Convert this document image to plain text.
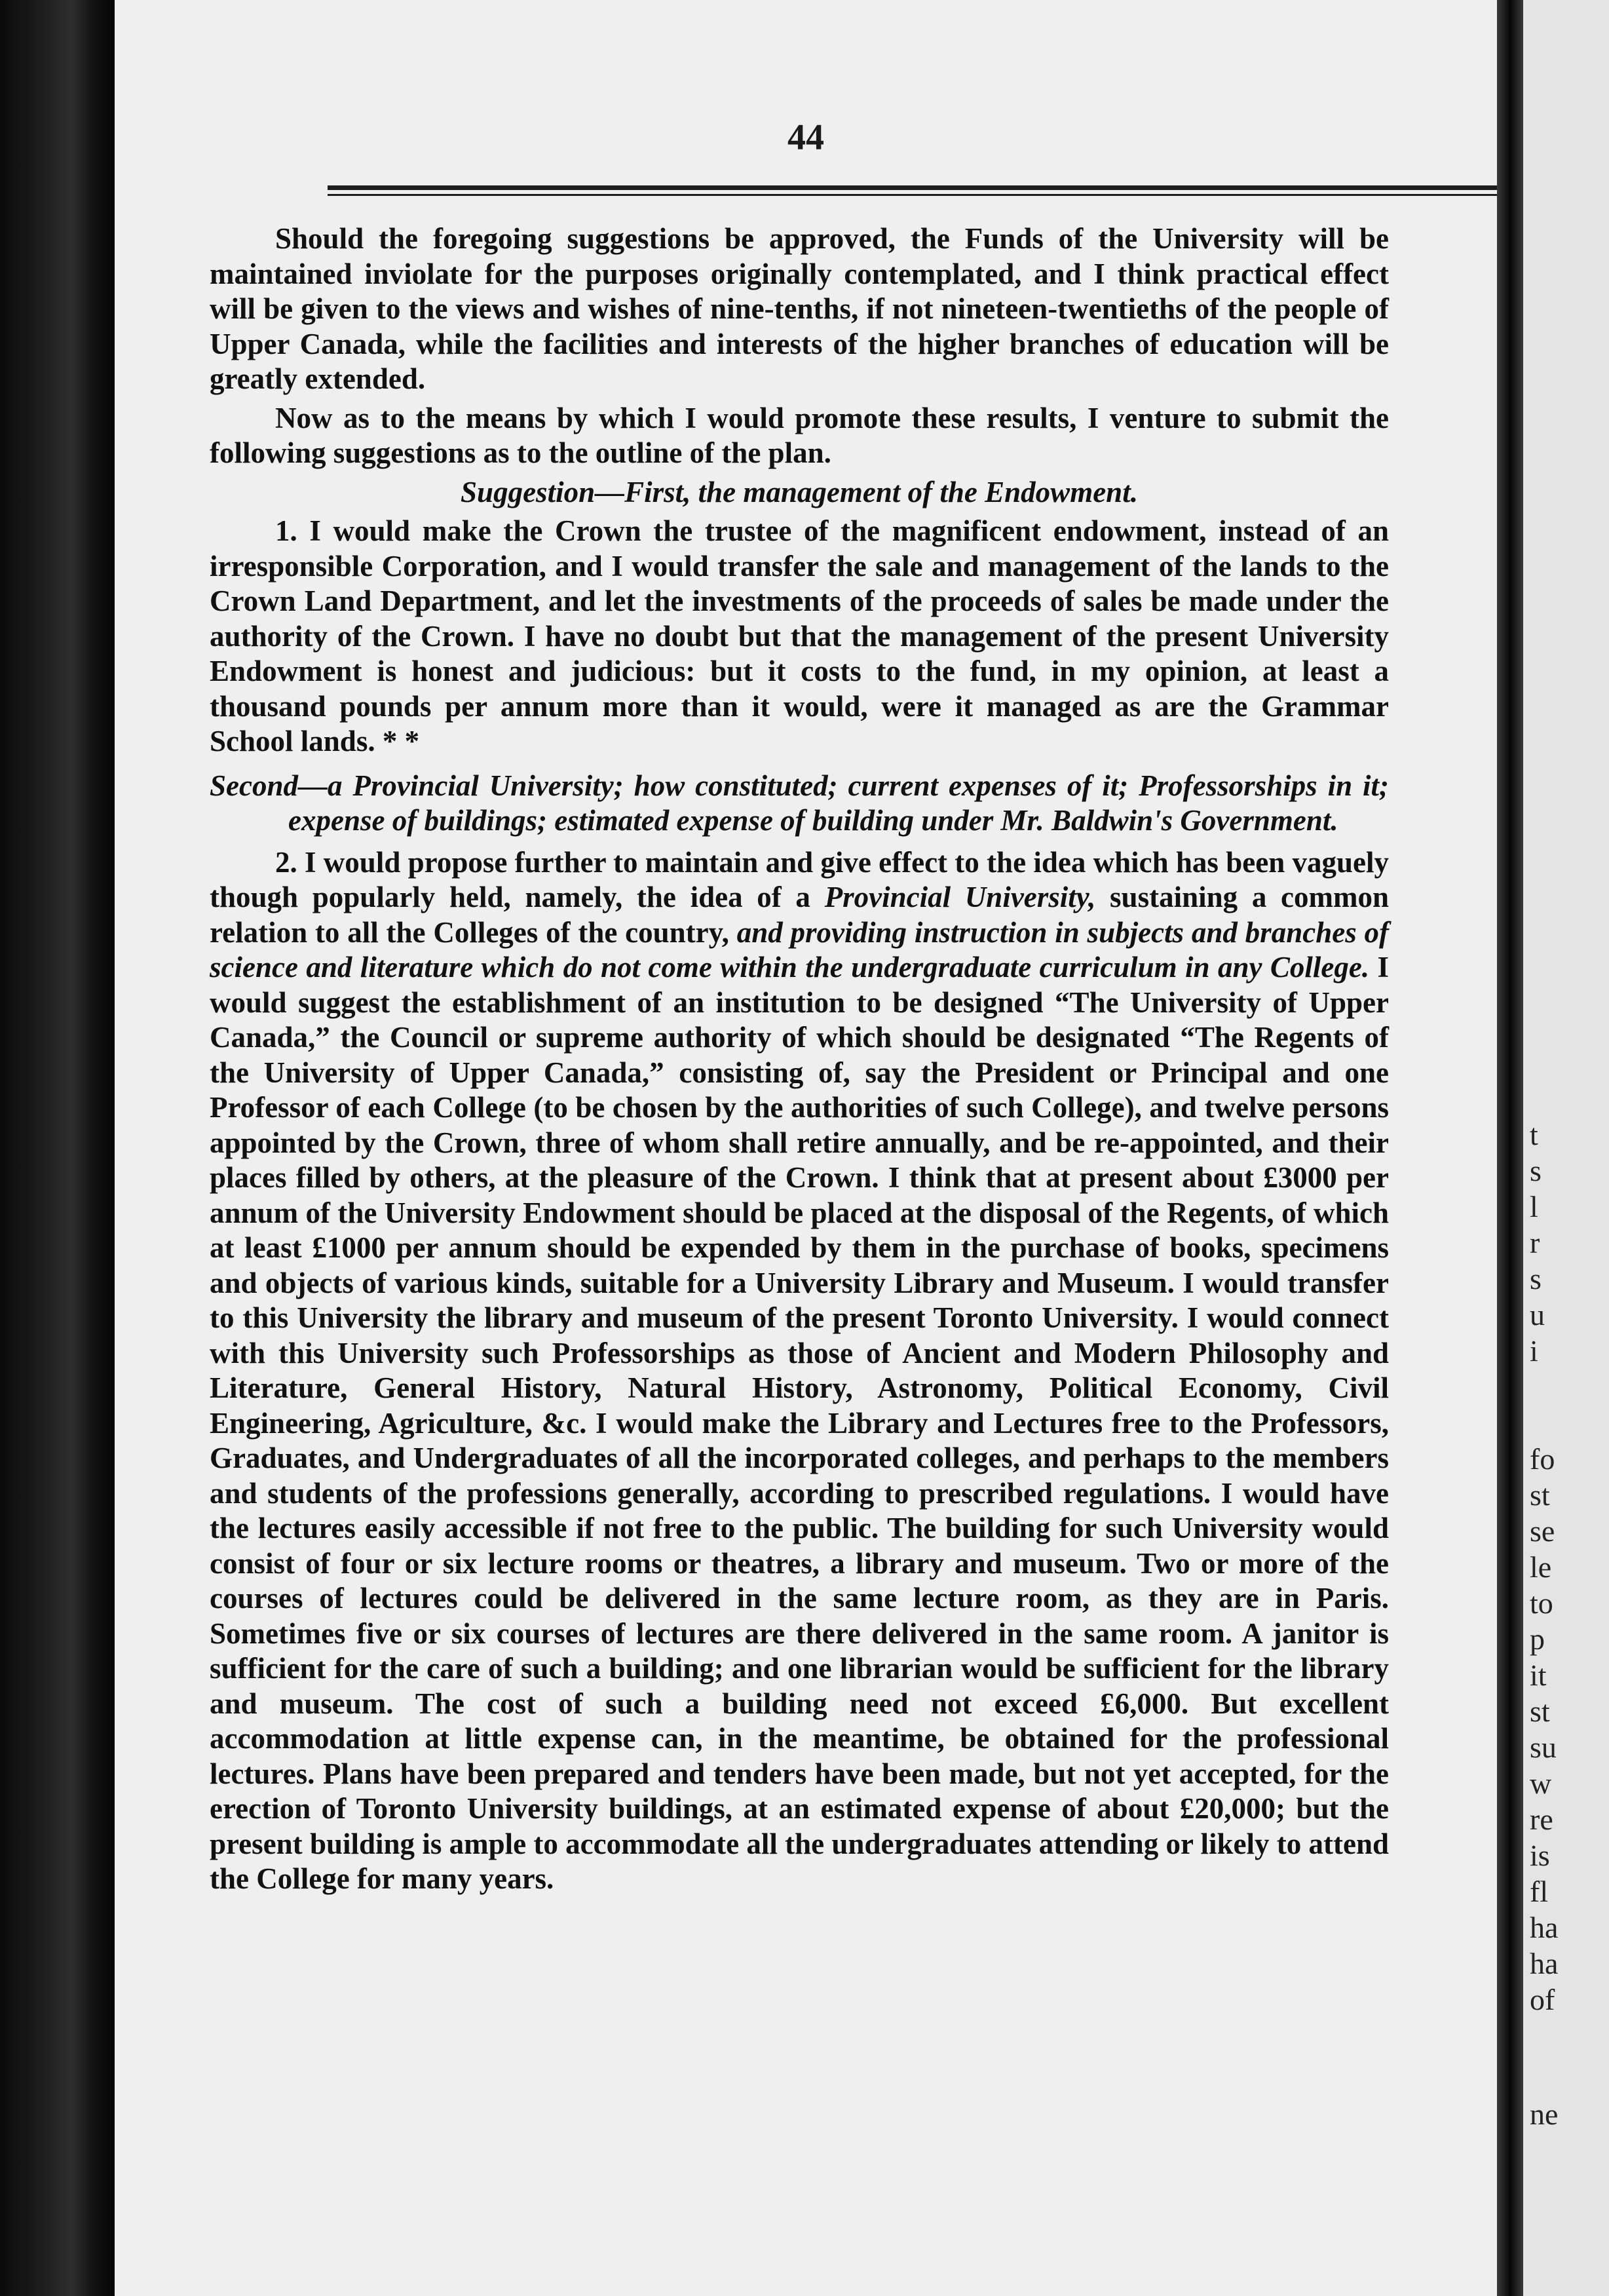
44

Should the foregoing suggestions be approved, the Funds of the University will be maintained inviolate for the purposes originally contemplated, and I think practical effect will be given to the views and wishes of nine-tenths, if not nineteen-twentieths of the people of Upper Canada, while the facilities and interests of the higher branches of education will be greatly extended.

Now as to the means by which I would promote these results, I venture to submit the following suggestions as to the outline of the plan.

Suggestion—First, the management of the Endowment.

1. I would make the Crown the trustee of the magnificent endowment, instead of an irresponsible Corporation, and I would transfer the sale and management of the lands to the Crown Land Department, and let the investments of the proceeds of sales be made under the authority of the Crown. I have no doubt but that the management of the present University Endowment is honest and judicious: but it costs to the fund, in my opinion, at least a thousand pounds per annum more than it would, were it managed as are the Grammar School lands. * *

Second—a Provincial University; how constituted; current expenses of it; Professorships in it; expense of buildings; estimated expense of building under Mr. Baldwin's Government.

2. I would propose further to maintain and give effect to the idea which has been vaguely though popularly held, namely, the idea of a Provincial University, sustaining a common relation to all the Colleges of the country, and providing instruction in subjects and branches of science and literature which do not come within the undergraduate curriculum in any College. I would suggest the establishment of an institution to be designed “The University of Upper Canada,” the Council or supreme authority of which should be designated “The Regents of the University of Upper Canada,” consisting of, say the President or Principal and one Professor of each College (to be chosen by the authorities of such College), and twelve persons appointed by the Crown, three of whom shall retire annually, and be re-appointed, and their places filled by others, at the pleasure of the Crown. I think that at present about £3000 per annum of the University Endowment should be placed at the disposal of the Regents, of which at least £1000 per annum should be expended by them in the purchase of books, specimens and objects of various kinds, suitable for a University Library and Museum. I would transfer to this University the library and museum of the present Toronto University. I would connect with this University such Professorships as those of Ancient and Modern Philosophy and Literature, General History, Natural History, Astronomy, Political Economy, Civil Engineering, Agriculture, &c. I would make the Library and Lectures free to the Professors, Graduates, and Undergraduates of all the incorporated colleges, and perhaps to the members and students of the professions generally, according to prescribed regulations. I would have the lectures easily accessible if not free to the public. The building for such University would consist of four or six lecture rooms or theatres, a library and museum. Two or more of the courses of lectures could be delivered in the same lecture room, as they are in Paris. Sometimes five or six courses of lectures are there delivered in the same room. A janitor is sufficient for the care of such a building; and one librarian would be sufficient for the library and museum. The cost of such a building need not exceed £6,000. But excellent accommodation at little expense can, in the meantime, be obtained for the professional lectures. Plans have been prepared and tenders have been made, but not yet accepted, for the erection of Toronto University buildings, at an estimated expense of about £20,000; but the present building is ample to accommodate all the undergraduates attending or likely to attend the College for many years.

t
s
l
r
s
u
i
fo
st
se
le
to
p
it
st
su
w
re
is
fl
ha
ha
of
ne
